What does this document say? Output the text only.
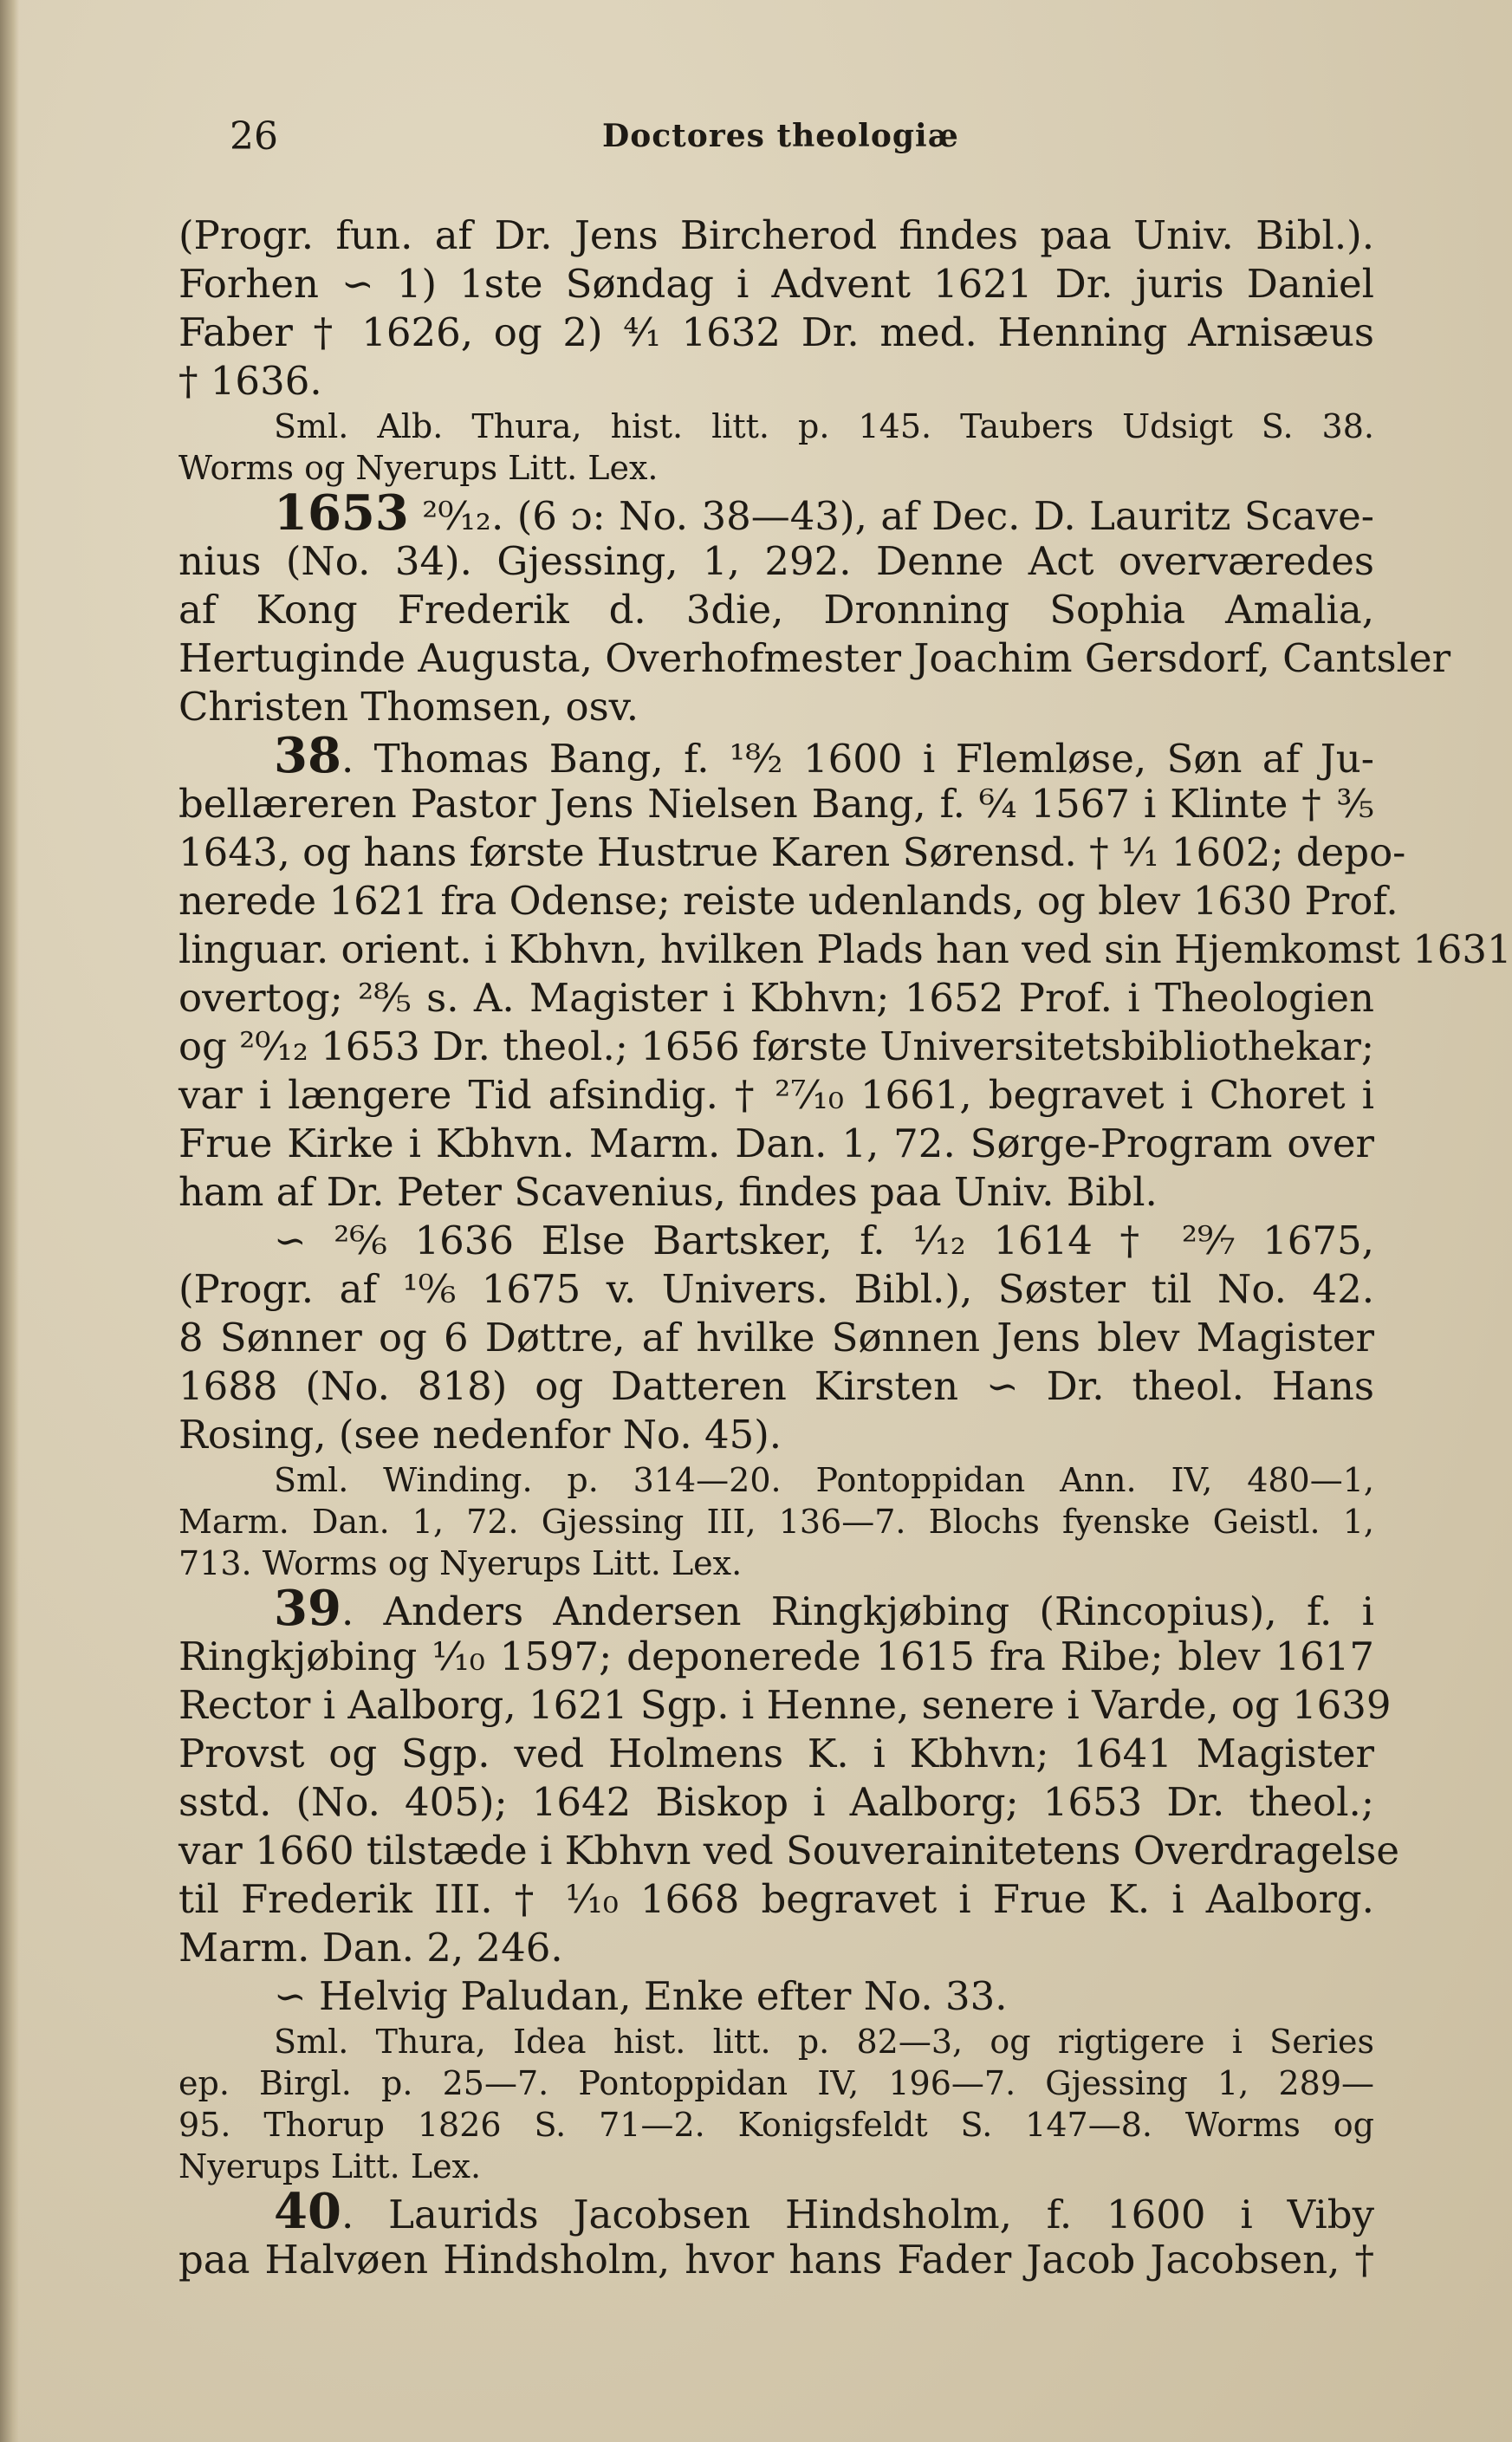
26	Doctores theologiæ
(Progr. fun. af Dr. Jens Bircherod findes paa Univ. Bibl.).
Forhen ∽ 1) 1ste Søndag i Advent 1621 Dr. juris Daniel
Faber † 1626, og 2) ⁴⁄₁ 1632 Dr. med. Henning Arnisæus
† 1636.
Sml. Alb. Thura, hist. litt. p. 145. Taubers Udsigt S. 38.
Worms og Nyerups Litt. Lex.
1653 ²⁰⁄₁₂. (6 ɔ: No. 38—43), af Dec. D. Lauritz Scave-
nius (No. 34). Gjessing, 1, 292. Denne Act overværedes
af Kong Frederik d. 3die, Dronning Sophia Amalia,
Hertuginde Augusta, Overhofmester Joachim Gersdorf, Cantsler
Christen Thomsen, osv.
38. Thomas Bang, f. ¹⁸⁄₂ 1600 i Flemløse, Søn af Ju-
bellæreren Pastor Jens Nielsen Bang, f. ⁶⁄₄ 1567 i Klinte † ³⁄₅
1643, og hans første Hustrue Karen Sørensd. † ¹⁄₁ 1602; depo-
nerede 1621 fra Odense; reiste udenlands, og blev 1630 Prof.
linguar. orient. i Kbhvn, hvilken Plads han ved sin Hjemkomst 1631
overtog; ²⁸⁄₅ s. A. Magister i Kbhvn; 1652 Prof. i Theologien
og ²⁰⁄₁₂ 1653 Dr. theol.; 1656 første Universitetsbibliothekar;
var i længere Tid afsindig. † ²⁷⁄₁₀ 1661, begravet i Choret i
Frue Kirke i Kbhvn. Marm. Dan. 1, 72. Sørge-Program over
ham af Dr. Peter Scavenius, findes paa Univ. Bibl.
∽ ²⁶⁄₆ 1636 Else Bartsker, f. ¹⁄₁₂ 1614 † ²⁹⁄₇ 1675,
(Progr. af ¹⁰⁄₆ 1675 v. Univers. Bibl.), Søster til No. 42.
8 Sønner og 6 Døttre, af hvilke Sønnen Jens blev Magister
1688 (No. 818) og Datteren Kirsten ∽ Dr. theol. Hans
Rosing, (see nedenfor No. 45).
Sml. Winding. p. 314—20. Pontoppidan Ann. IV, 480—1,
Marm. Dan. 1, 72. Gjessing III, 136—7. Blochs fyenske Geistl. 1,
713. Worms og Nyerups Litt. Lex.
39. Anders Andersen Ringkjøbing (Rincopius), f. i
Ringkjøbing ¹⁄₁₀ 1597; deponerede 1615 fra Ribe; blev 1617
Rector i Aalborg, 1621 Sgp. i Henne, senere i Varde, og 1639
Provst og Sgp. ved Holmens K. i Kbhvn; 1641 Magister
sstd. (No. 405); 1642 Biskop i Aalborg; 1653 Dr. theol.;
var 1660 tilstæde i Kbhvn ved Souverainitetens Overdragelse
til Frederik III. † ¹⁄₁₀ 1668 begravet i Frue K. i Aalborg.
Marm. Dan. 2, 246.
∽ Helvig Paludan, Enke efter No. 33.
Sml. Thura, Idea hist. litt. p. 82—3, og rigtigere i Series
ep. Birgl. p. 25—7. Pontoppidan IV, 196—7. Gjessing 1, 289—
95. Thorup 1826 S. 71—2. Konigsfeldt S. 147—8. Worms og
Nyerups Litt. Lex.
40. Laurids Jacobsen Hindsholm, f. 1600 i Viby
paa Halvøen Hindsholm, hvor hans Fader Jacob Jacobsen, †
